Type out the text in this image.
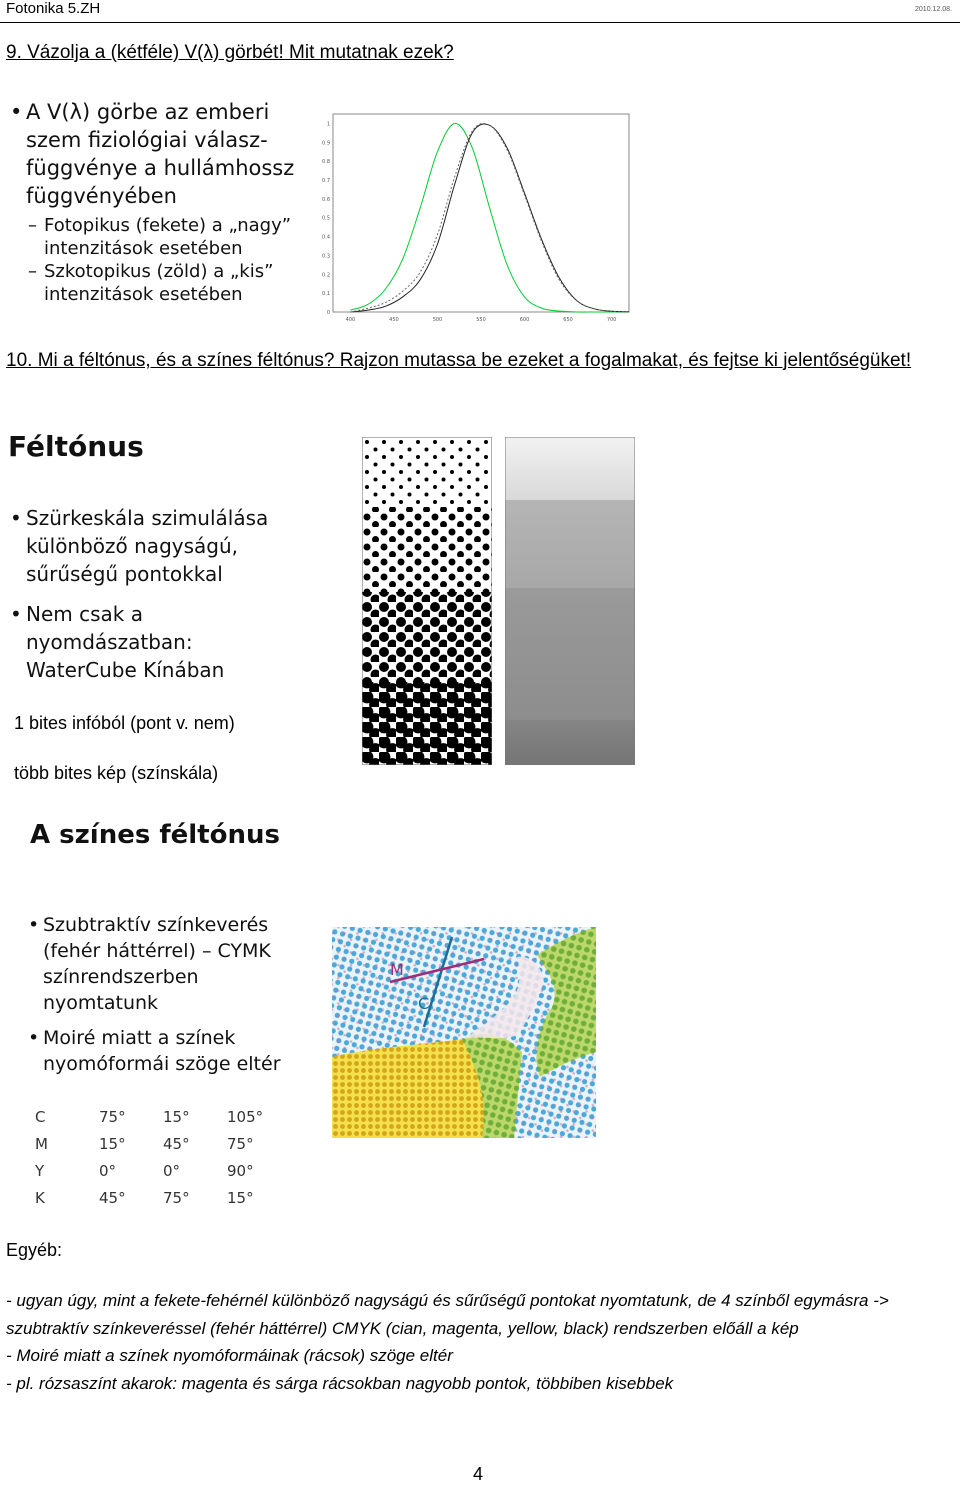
Fotonika 5.ZH	2010.12.08.
9. Vázolja a (kétféle) V(λ) görbét! Mit mutatnak ezek?
• A V(λ) görbe az emberi
szem fiziológiai válasz-
függvénye a hullámhossz
függvényében
– Fotopikus (fekete) a „nagy”
intenzitások esetében
– Szkotopikus (zöld) a „kis”
intenzitások esetében
0
0.1
0.2
0.3
0.4
0.5
0.6
0.7
0.8
0.9
1
400	450	500	550	600	650	700
10. Mi a féltónus, és a színes féltónus? Rajzon mutassa be ezeket a fogalmakat, és fejtse ki jelentőségüket!
Féltónus
• Szürkeskála szimulálása
különböző nagyságú,
sűrűségű pontokkal
• Nem csak a
nyomdászatban:
WaterCube Kínában
1 bites infóból (pont v. nem)
több bites kép (színskála)
A színes féltónus
• Szubtraktív színkeverés
(fehér háttérrel) – CYMK
színrendszerben
nyomtatunk
• Moiré miatt a színek
nyomóformái szöge eltér
C	75°	15°	105°
M	15°	45°	75°
Y	0°	0°	90°
K	45°	75°	15°
M
C
Egyéb:
- ugyan úgy, mint a fekete-fehérnél különböző nagyságú és sűrűségű pontokat nyomtatunk, de 4 színből egymásra ->
szubtraktív színkeveréssel (fehér háttérrel) CMYK (cian, magenta, yellow, black) rendszerben előáll a kép
- Moiré miatt a színek nyomóformáinak (rácsok) szöge eltér
- pl. rózsaszínt akarok: magenta és sárga rácsokban nagyobb pontok, többiben kisebbek
4
